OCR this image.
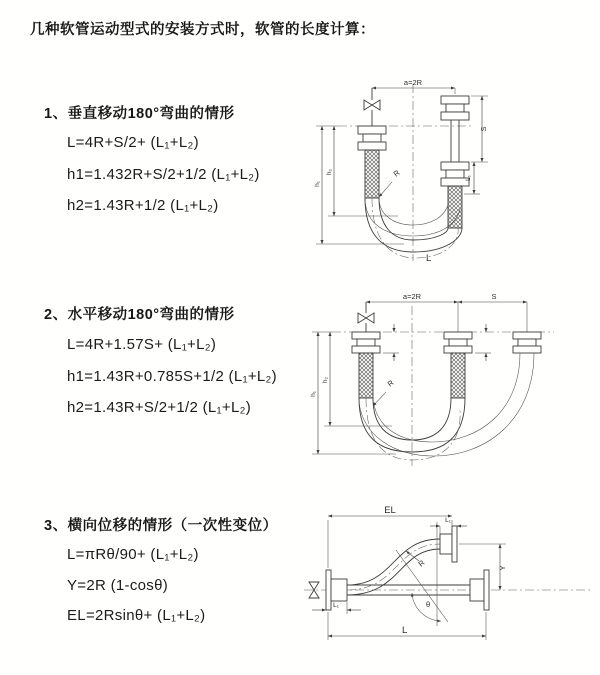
几种软管运动型式的安装方式时，软管的长度计算：
1、垂直移动180°弯曲的情形
L=4R+S/2+ (L₁+L₂)
h1=1.432R+S/2+1/2 (L₁+L₂)
h2=1.43R+1/2 (L₁+L₂)
a=2R
S
L₁
h₁
h₂	R
L
2、水平移动180°弯曲的情形
L=4R+1.57S+ (L₁+L₂)
h1=1.43R+0.785S+1/2 (L₁+L₂)
h2=1.43R+S/2+1/2 (L₁+L₂)
a=2R	S
h₁
h₂	R
3、横向位移的情形（一次性变位）
L=πRθ/90+ (L₁+L₂)
Y=2R (1-cosθ)
EL=2Rsinθ+ (L₁+L₂)
θ
R
EL
L₁
Y
L
L₁
